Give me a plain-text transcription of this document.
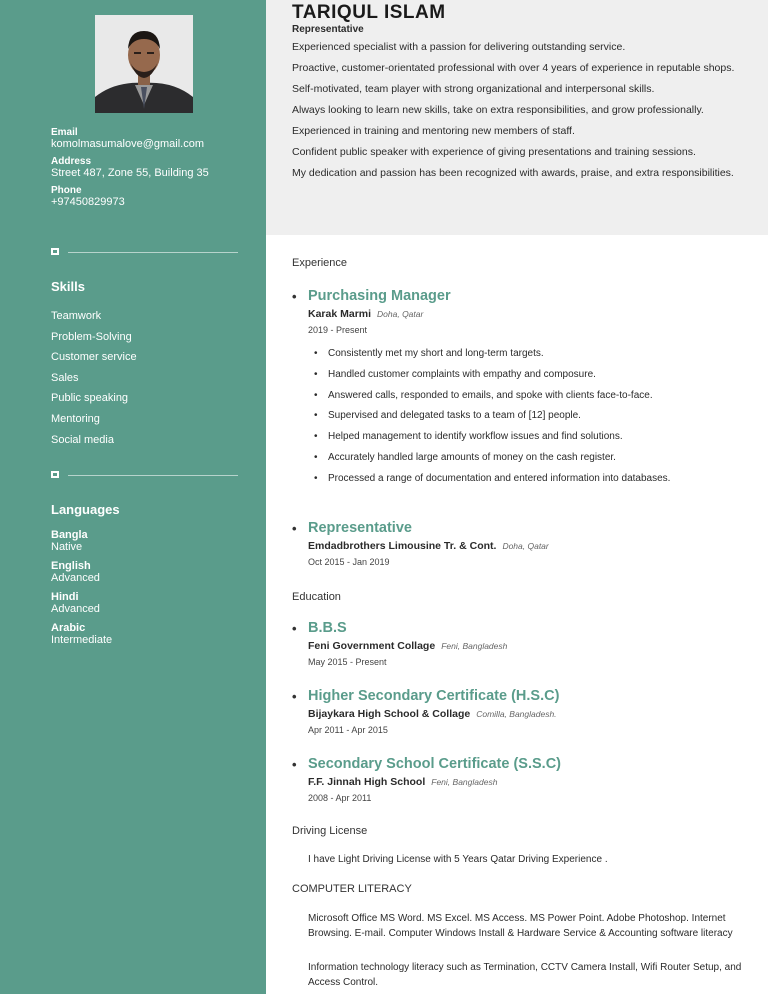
Email
komolmasumalove@gmail.com
Address
Street 487, Zone 55, Building 35
Phone
+97450829973
Skills
Teamwork
Problem-Solving
Customer service
Sales
Public speaking
Mentoring
Social media
Languages
Bangla
Native
English
Advanced
Hindi
Advanced
Arabic
Intermediate
TARIQUL ISLAM
Representative
Experienced specialist with a passion for delivering outstanding service.
Proactive, customer-orientated professional with over 4 years of experience in reputable shops.
Self-motivated, team player with strong organizational and interpersonal skills.
Always looking to learn new skills, take on extra responsibilities, and grow professionally.
Experienced in training and mentoring new members of staff.
Confident public speaker with experience of giving presentations and training sessions.
My dedication and passion has been recognized with awards, praise, and extra responsibilities.
Experience
• Purchasing Manager
Karak Marmi Doha, Qatar
2019 - Present
• Consistently met my short and long-term targets.
• Handled customer complaints with empathy and composure.
• Answered calls, responded to emails, and spoke with clients face-to-face.
• Supervised and delegated tasks to a team of [12] people.
• Helped management to identify workflow issues and find solutions.
• Accurately handled large amounts of money on the cash register.
• Processed a range of documentation and entered information into databases.
• Representative
Emdadbrothers Limousine Tr. & Cont. Doha, Qatar
Oct 2015 - Jan 2019
Education
• B.B.S
Feni Government Collage Feni, Bangladesh
May 2015 - Present
• Higher Secondary Certificate (H.S.C)
Bijaykara High School & Collage Comilla, Bangladesh.
Apr 2011 - Apr 2015
• Secondary School Certificate (S.S.C)
F.F. Jinnah High School Feni, Bangladesh
2008 - Apr 2011
Driving License
I have Light Driving License with 5 Years Qatar Driving Experience .
COMPUTER LITERACY
Microsoft Office MS Word. MS Excel. MS Access. MS Power Point. Adobe Photoshop. Internet Browsing. E-mail. Computer Windows Install & Hardware Service & Accounting software literacy
Information technology literacy such as Termination, CCTV Camera Install, Wifi Router Setup, and Access Control.
